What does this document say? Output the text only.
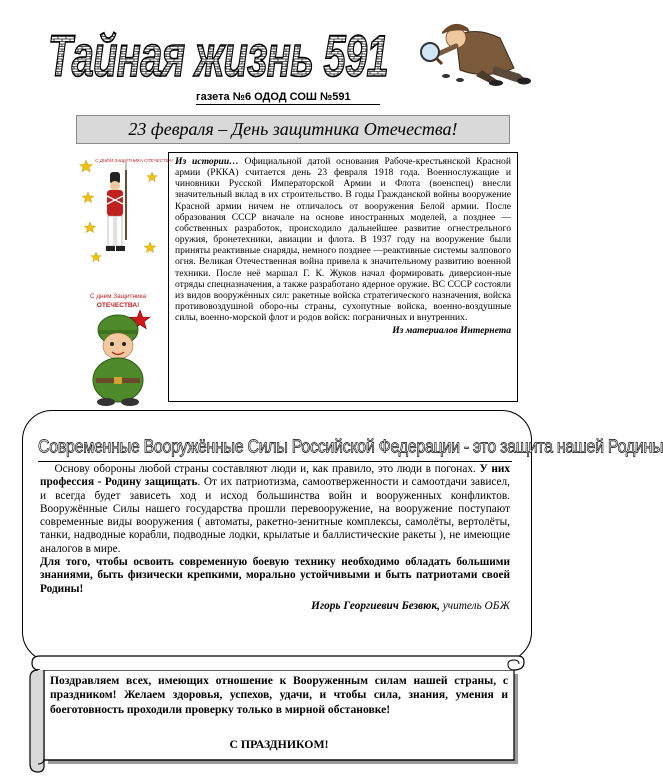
Тайная жизнь 591
газета №6 ОДОД СОШ №591
23 февраля – День защитника Отечества!
С ДНЁМ ЗАЩИТНИКА ОТЕЧЕСТВА!
С днем Защитника
ОТЕЧЕСТВА!
Из истории… Официальной датой основания Рабоче-крестьянской Красной армии (РККА) считается день 23 февраля 1918 года. Военнослужащие и чиновники Русской Императорской Армии и Флота (военспец) внесли значительный вклад в их строительство. В годы Гражданской войны вооружение Красной армии ничем не отличалось от вооружения Белой армии. После образования СССР вначале на основе иностранных моделей, а позднее — собственных разработок, происходило дальнейшее развитие огнестрельного оружия, бронетехники, авиации и флота. В 1937 году на вооружение были приняты реактивные снаряды, немного позднее —реактивные системы залпового огня. Великая Отечественная война привела к значительному развитию военной техники. После неё маршал Г. К. Жуков начал формировать диверсион-ные отряды спецназначения, а также разработано ядерное оружие. ВС СССР состояли из видов вооружённых сил: ракетные войска стратегического назначения, войска противовоздушной оборо-ны страны, сухопутные войска, военно-воздушные силы, военно-морской флот и родов войск: пограничных и внутренних.
Из материалов Интернета
Современные Вооружённые Силы Российской Федерации - это защита нашей Родины
Основу обороны любой страны составляют люди и, как правило, это люди в погонах. У них профессия - Родину защищать. От их патриотизма, самоотверженности и самоотдачи зависел, и всегда будет зависеть ход и исход большинства войн и вооруженных конфликтов. Вооружённые Силы нашего государства прошли перевооружение, на вооружение поступают современные виды вооружения ( автоматы, ракетно-зенитные комплексы, самолёты, вертолёты, танки, надводные корабли, подводные лодки, крылатые и баллистические ракеты ), не имеющие аналогов в мире.
Для того, чтобы освоить современную боевую технику необходимо обладать большими знаниями, быть физически крепкими, морально устойчивыми и быть патриотами своей Родины!
Игорь Георгиевич Безвюк, учитель ОБЖ
Поздравляем всех, имеющих отношение к Вооруженным силам нашей страны, с праздником! Желаем здоровья, успехов, удачи, и чтобы сила, знания, умения и боеготовность проходили проверку только в мирной обстановке!
С ПРАЗДНИКОМ!
